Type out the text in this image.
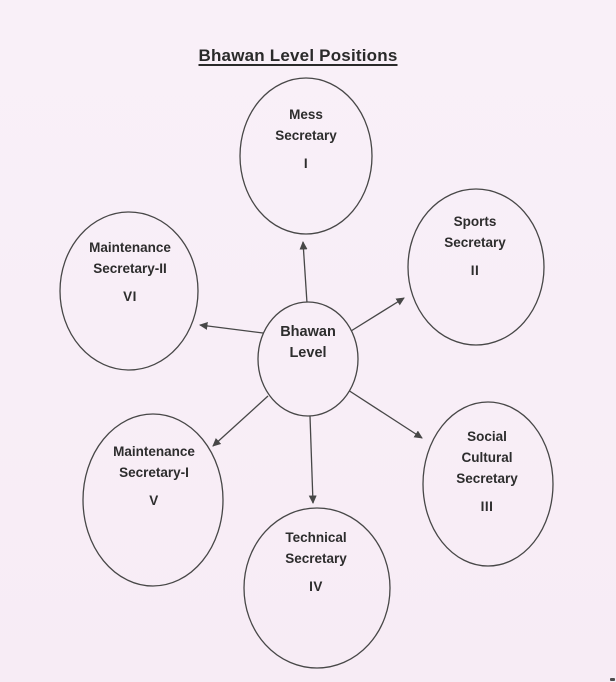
Bhawan Level Positions
Mess
Secretary
I
Sports
Secretary
II
Maintenance
Secretary-II
VI
Bhawan
Level
Maintenance
Secretary-I
V
Social
Cultural
Secretary
III
Technical
Secretary
IV
